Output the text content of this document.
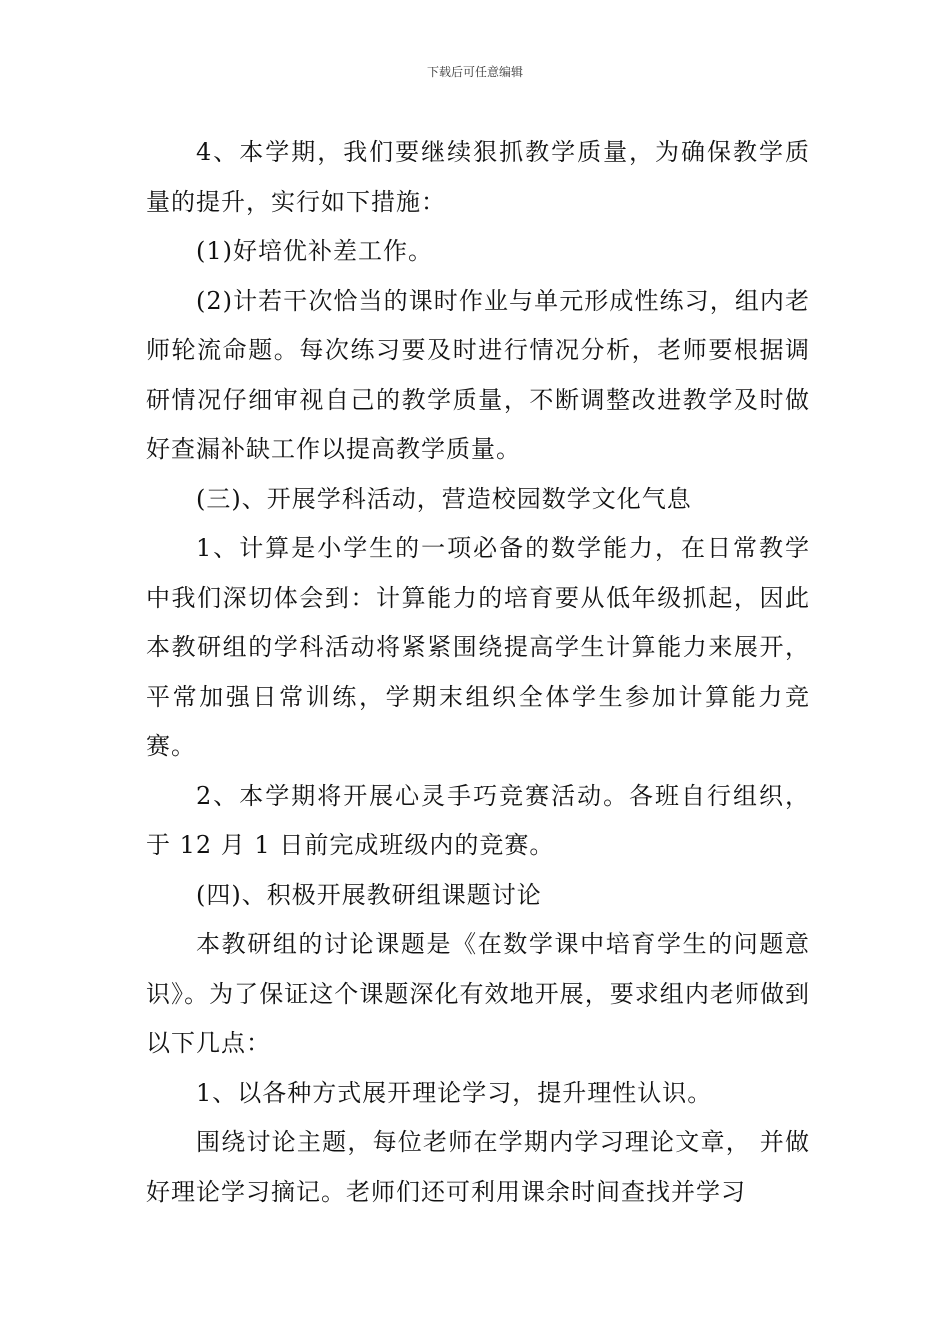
下载后可任意编辑

4、本学期，我们要继续狠抓教学质量，为确保教学质量的提升，实行如下措施：

(1)好培优补差工作。

(2)计若干次恰当的课时作业与单元形成性练习，组内老师轮流命题。每次练习要及时进行情况分析，老师要根据调研情况仔细审视自己的教学质量，不断调整改进教学及时做好查漏补缺工作以提高教学质量。

(三)、开展学科活动，营造校园数学文化气息

1、计算是小学生的一项必备的数学能力，在日常教学中我们深切体会到：计算能力的培育要从低年级抓起，因此本教研组的学科活动将紧紧围绕提高学生计算能力来展开，平常加强日常训练，学期末组织全体学生参加计算能力竞赛。

2、本学期将开展心灵手巧竞赛活动。各班自行组织，于 12 月 1 日前完成班级内的竞赛。

(四)、积极开展教研组课题讨论

本教研组的讨论课题是《在数学课中培育学生的问题意识》。为了保证这个课题深化有效地开展，要求组内老师做到以下几点：

1、以各种方式展开理论学习，提升理性认识。

围绕讨论主题，每位老师在学期内学习理论文章， 并做好理论学习摘记。老师们还可利用课余时间查找并学习
